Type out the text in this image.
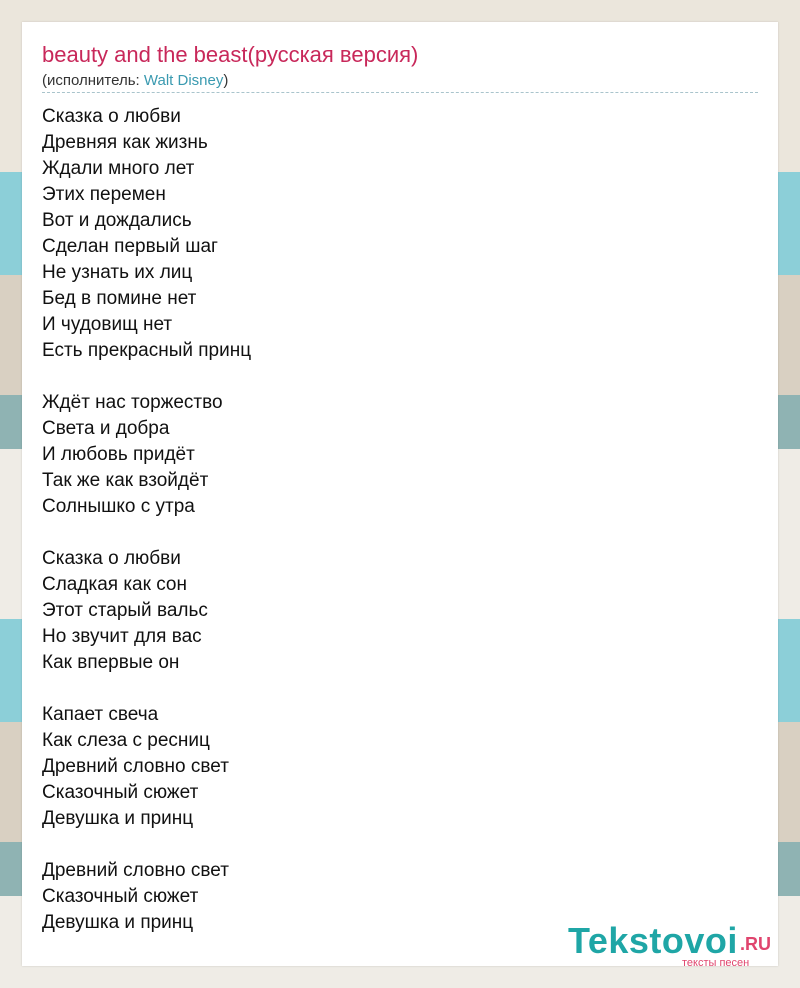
beauty and the beast(русская версия)
(исполнитель: Walt Disney)
Сказка о любви
Древняя как жизнь
Ждали много лет
Этих перемен
Вот и дождались
Сделан первый шаг
Не узнать их лиц
Бед в помине нет
И чудовищ нет
Есть прекрасный принц
Ждёт нас торжество
Света и добра
И любовь придёт
Так же как взойдёт
Солнышко с утра
Сказка о любви
Сладкая как сон
Этот старый вальс
Но звучит для вас
Как впервые он
Капает свеча
Как слеза с ресниц
Древний словно свет
Сказочный сюжет
Девушка и принц
Древний словно свет
Сказочный сюжет
Девушка и принц	Tekstovoi .RU
тексты песен
